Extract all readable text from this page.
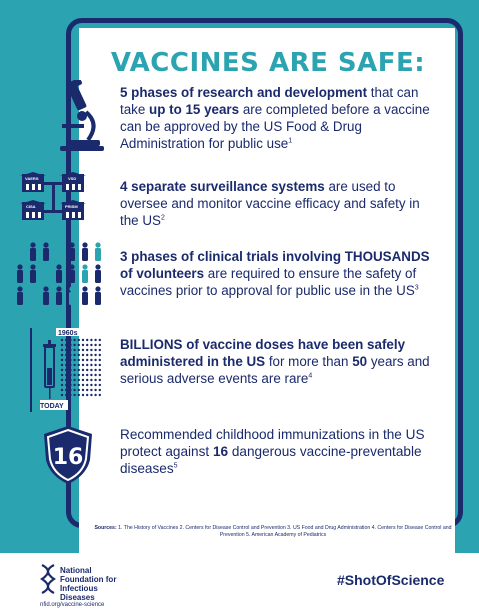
VACCINES ARE SAFE:
5 phases of research and development that can take up to 15 years are completed before a vaccine can be approved by the US Food & Drug Administration for public use$^1$
VAERS	VSD
CISA	PRISM
4 separate surveillance systems are used to oversee and monitor vaccine efficacy and safety in the $US^2$
3 phases of clinical trials involving THOUSANDS of volunteers are required to ensure the safety of vaccines prior to approval for public use in the $US^3$
1960s
TODAY
BILLIONS of vaccine doses have been safely administered in the US for more than 50 years and serious adverse events are rare$^4$
16
Recommended childhood immunizations in the US protect against 16 dangerous vaccine-preventable diseases$^5$
Sources: 1. The History of Vaccines 2. Centers for Disease Control and Prevention 3. US Food and Drug Administration 4. Centers for Disease Control and Prevention 5. American Academy of Pediatrics
National
Foundation for
Infectious
Diseases
nfid.org/vaccine-science
#ShotOfScience
